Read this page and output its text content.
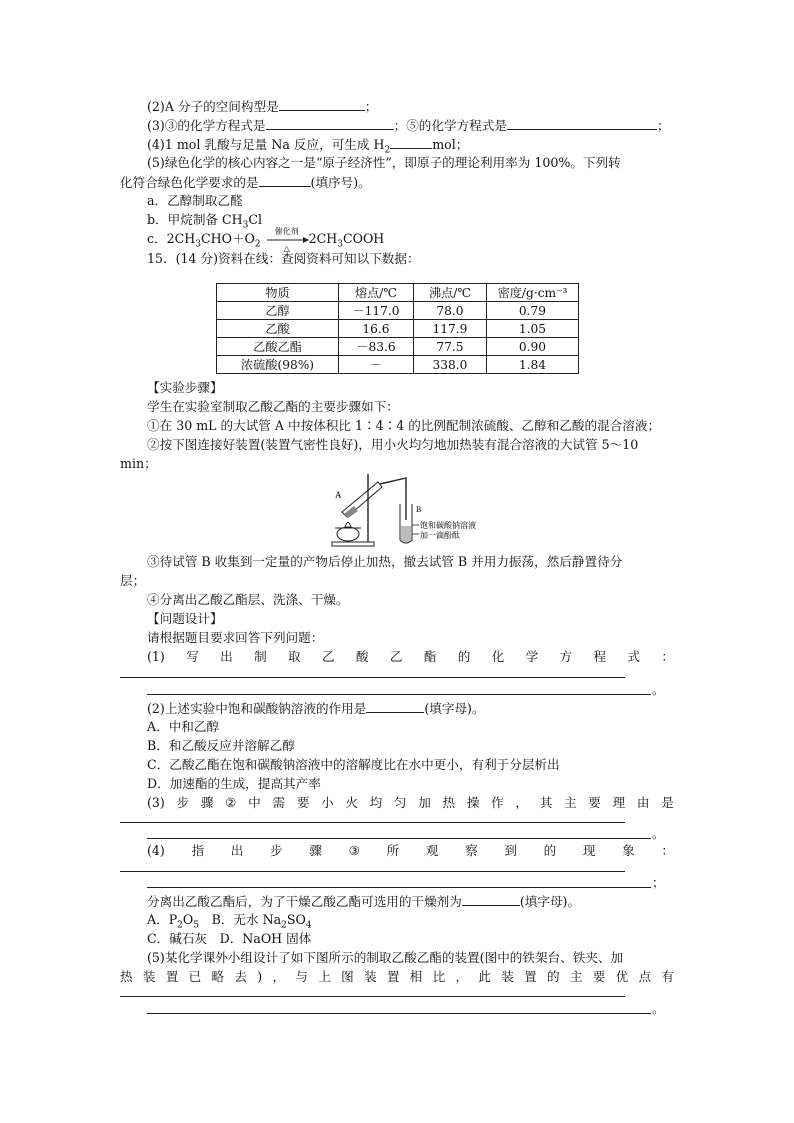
(2)A 分子的空间构型是	；
(3)③的化学方程式是	；⑤的化学方程式是	；
(4)1 mol 乳酸与足量 Na 反应，可生成 $H_2$	mol；
(5)绿色化学的核心内容之一是“原子经济性”，即原子的理论利用率为 100%。下列转
化符合绿色化学要求的是	(填序号)。
a．乙醇制取乙醛
b．甲烷制备 $CH_3Cl$
c．$2CH_3CHO+O_2$
催化剂
△
$2CH_3COOH$
15．(14 分)资料在线：查阅资料可知以下数据：
物质	熔点/℃	沸点/℃	密度/g·cm⁻³
乙醇	－117.0	78.0	0.79
乙酸	16.6	117.9	1.05
乙酸乙酯	－83.6	77.5	0.90
浓硫酸(98%)	－	338.0	1.84
【实验步骤】
学生在实验室制取乙酸乙酯的主要步骤如下：
①在 30 mL 的大试管 A 中按体积比 1∶4∶4 的比例配制浓硫酸、乙醇和乙酸的混合溶液；
②按下图连接好装置(装置气密性良好)，用小火均匀地加热装有混合溶液的大试管 5～10
min；
A
B
饱和碳酸钠溶液
加一滴酚酞
③待试管 B 收集到一定量的产物后停止加热，撤去试管 B 并用力振荡，然后静置待分
层；
④分离出乙酸乙酯层、洗涤、干燥。
【问题设计】
请根据题目要求回答下列问题：
(1) 写 出 制 取 乙 酸 乙 酯 的 化 学 方 程 式 ：
。
(2)上述实验中饱和碳酸钠溶液的作用是	(填字母)。
A．中和乙醇
B．和乙酸反应并溶解乙醇
C．乙酸乙酯在饱和碳酸钠溶液中的溶解度比在水中更小，有利于分层析出
D．加速酯的生成，提高其产率
(3) 步 骤 ② 中 需 要 小 火 均 匀 加 热 操 作 ， 其 主 要 理 由 是
。
(4) 指 出 步 骤 ③ 所 观 察 到 的 现 象 ：
；
分离出乙酸乙酯后，为了干燥乙酸乙酯可选用的干燥剂为	(填字母)。
A．$P_2O_5$　B．无水 $Na_2SO_4$
C．碱石灰　D．NaOH 固体
(5)某化学课外小组设计了如下图所示的制取乙酸乙酯的装置(图中的铁架台、铁夹、加
热 装 置 已 略 去 ) ， 与 上 图 装 置 相 比 ， 此 装 置 的 主 要 优 点 有
。
